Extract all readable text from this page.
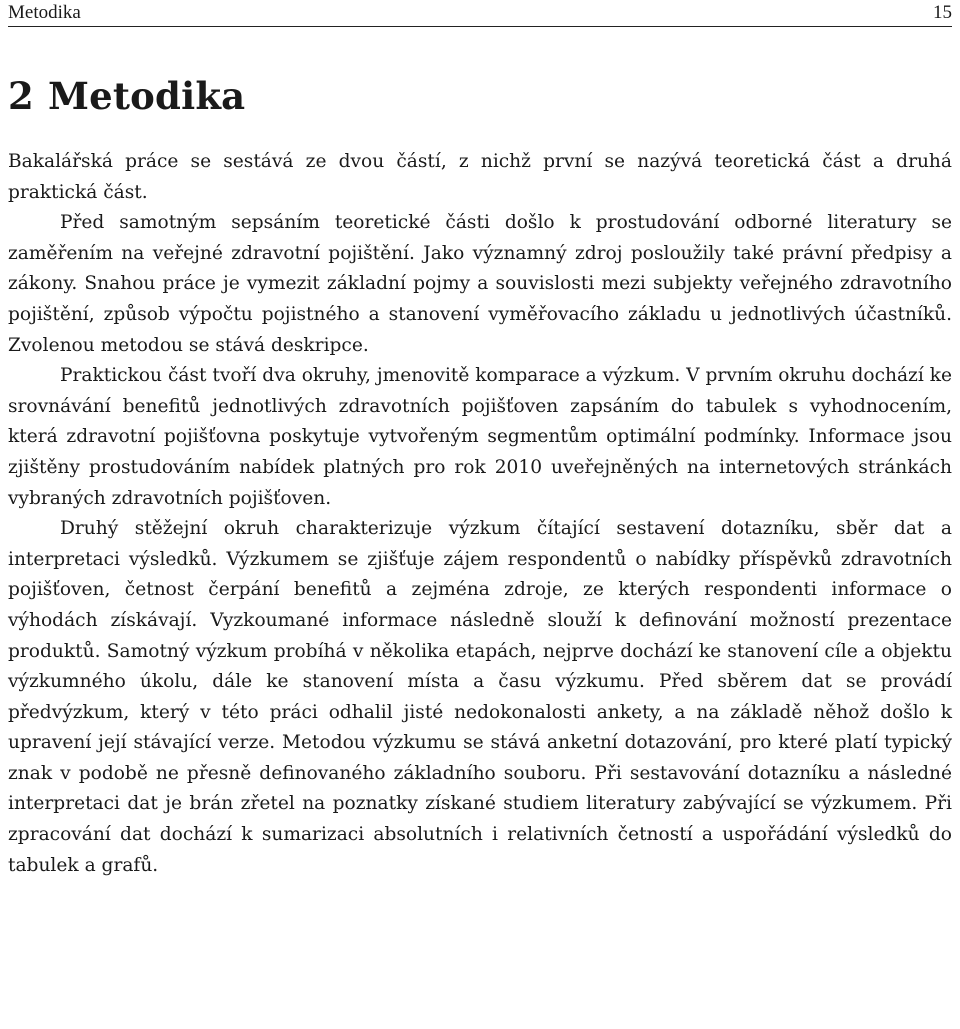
Metodika	15
2 Metodika

Bakalářská práce se sestává ze dvou částí, z nichž první se nazývá teoretická část a druhá praktická část.

Před samotným sepsáním teoretické části došlo k prostudování odborné literatury se zaměřením na veřejné zdravotní pojištění. Jako významný zdroj posloužily také právní předpisy a zákony. Snahou práce je vymezit základní pojmy a souvislosti mezi subjekty veřejného zdravotního pojištění, způsob výpočtu pojistného a stanovení vyměřovacího základu u jednotlivých účastníků. Zvolenou metodou se stává deskripce.

Praktickou část tvoří dva okruhy, jmenovitě komparace a výzkum. V prvním okruhu dochází ke srovnávání benefitů jednotlivých zdravotních pojišťoven zapsáním do tabulek s vyhodnocením, která zdravotní pojišťovna poskytuje vytvořeným segmentům optimální podmínky. Informace jsou zjištěny prostudováním nabídek platných pro rok 2010 uveřejněných na internetových stránkách vybraných zdravotních pojišťoven.

Druhý stěžejní okruh charakterizuje výzkum čítající sestavení dotazníku, sběr dat a interpretaci výsledků. Výzkumem se zjišťuje zájem respondentů o nabídky příspěvků zdravotních pojišťoven, četnost čerpání benefitů a zejména zdroje, ze kterých respondenti informace o výhodách získávají. Vyzkoumané informace následně slouží k definování možností prezentace produktů. Samotný výzkum probíhá v několika etapách, nejprve dochází ke stanovení cíle a objektu výzkumného úkolu, dále ke stanovení místa a času výzkumu. Před sběrem dat se provádí předvýzkum, který v této práci odhalil jisté nedokonalosti ankety, a na základě něhož došlo k upravení její stávající verze. Metodou výzkumu se stává anketní dotazování, pro které platí typický znak v podobě ne přesně definovaného základního souboru. Při sestavování dotazníku a následné interpretaci dat je brán zřetel na poznatky získané studiem literatury zabývající se výzkumem. Při zpracování dat dochází k sumarizaci absolutních i relativních četností a uspořádání výsledků do tabulek a grafů.
